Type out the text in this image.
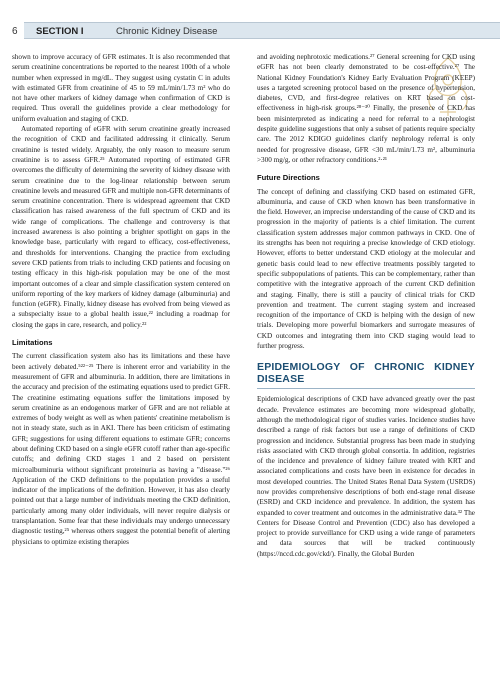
6 SECTION I	Chronic Kidney Disease

shown to improve accuracy of GFR estimates. It is also recommended that serum creatinine concentrations be reported to the nearest 100th of a whole number when expressed in mg/dL. They suggest using cystatin C in adults with estimated GFR from creatinine of 45 to 59 mL/min/1.73 m² who do not have other markers of kidney damage when confirmation of CKD is required. Thus overall the guidelines provide a clear methodology for uniform evaluation and staging of CKD.

Automated reporting of eGFR with serum creatinine greatly increased the recognition of CKD and facilitated addressing it clinically. Serum creatinine is tested widely. Arguably, the only reason to measure serum creatinine is to assess GFR.²⁵ Automated reporting of estimated GFR overcomes the difficulty of determining the severity of kidney disease with serum creatinine due to the log-linear relationship between serum creatinine levels and measured GFR and multiple non-GFR determinants of serum creatinine concentration. There is widespread agreement that CKD classification has raised awareness of the full spectrum of CKD and its wide range of complications. The challenge and controversy is that increased awareness is also pointing a brighter spotlight on gaps in the knowledge base, particularly with regard to efficacy, cost-effectiveness, and thresholds for interventions. Changing the practice from excluding severe CKD patients from trials to including CKD patients and focusing on testing efficacy in this high-risk population may be one of the most important outcomes of a clear and simple classification system centered on uniform reporting of the key markers of kidney damage (albuminuria) and function (eGFR). Finally, kidney disease has evolved from being viewed as a subspecialty issue to a global health issue,²² including a roadmap for closing the gaps in care, research, and policy.²²

Limitations

The current classification system also has its limitations and these have been actively debated.⁵²²⁻²⁵ There is inherent error and variability in the measurement of GFR and albuminuria. In addition, there are limitations in the accuracy and precision of the estimating equations used to predict GFR. The creatinine estimating equations suffer the limitations imposed by serum creatinine as an endogenous marker of GFR and are not reliable at extremes of body weight as well as when patients' creatinine metabolism is not in steady state, such as in AKI. There has been criticism of estimating GFR; suggestions for using different equations to estimate GFR; concerns about defining CKD based on a single eGFR cutoff rather than age-specific cutoffs; and defining CKD stages 1 and 2 based on persistent microalbuminuria without significant proteinuria as having a "disease."²⁶ Application of the CKD definitions to the population provides a useful indicator of the implications of the definition. However, it has also clearly pointed out that a large number of individuals meeting the CKD definition, particularly among many older individuals, will never require dialysis or transplantation. Some fear that these individuals may undergo unnecessary diagnostic testing,²⁵ whereas others suggest the potential benefit of alerting physicians to optimize existing therapies

and avoiding nephrotoxic medications.²⁷ General screening for CKD using eGFR has not been clearly demonstrated to be cost-effective.²⁷ The National Kidney Foundation's Kidney Early Evaluation Program (KEEP) uses a targeted screening protocol based on the presence of hypertension, diabetes, CVD, and first-degree relatives on KRT based on cost-effectiveness in high-risk groups.²⁸⁻³⁰ Finally, the presence of CKD has been misinterpreted as indicating a need for referral to a nephrologist despite guideline suggestions that only a subset of patients require specialty care. The 2012 KDIGO guidelines clarify nephrology referral is only needed for progressive disease, GFR <30 mL/min/1.73 m², albuminuria >300 mg/g, or other refractory conditions.²·²¹

Future Directions

The concept of defining and classifying CKD based on estimated GFR, albuminuria, and cause of CKD when known has been transformative in the field. However, an imprecise understanding of the cause of CKD and its progression in the majority of patients is a chief limitation. The current classification system addresses major common pathways in CKD. One of its strengths has been not requiring a precise knowledge of CKD etiology. However, efforts to better understand CKD etiology at the molecular and genetic basis could lead to new effective treatments possibly targeted to specific subpopulations of patients. This can be complementary, rather than competitive with the integrative approach of the current CKD definition and staging. Finally, there is still a paucity of clinical trials for CKD prevention and treatment. The current staging system and increased recognition of the importance of CKD is helping with the design of new trials. Developing more powerful biomarkers and surrogate measures of CKD outcomes and integrating them into CKD staging would lead to further progress.

EPIDEMIOLOGY OF CHRONIC KIDNEY DISEASE

Epidemiological descriptions of CKD have advanced greatly over the past decade. Prevalence estimates are becoming more widespread globally, although the methodological rigor of studies varies. Incidence studies have described a range of risk factors but use a range of definitions of CKD progression and incidence. Substantial progress has been made in studying risks associated with CKD through global consortia. In addition, registries of the incidence and prevalence of kidney failure treated with KRT and associated complications and costs have been in existence for decades in most developed countries. The United States Renal Data System (USRDS) now provides comprehensive descriptions of both end-stage renal disease (ESRD) and CKD incidence and prevalence. In addition, the system has expanded to cover treatment and outcomes in the administrative data.³² The Centers for Disease Control and Prevention (CDC) also has developed a project to provide surveillance for CKD using a wide range of parameters and data sources that will be tracked continuously (https://nccd.cdc.gov/ckd/). Finally, the Global Burden
